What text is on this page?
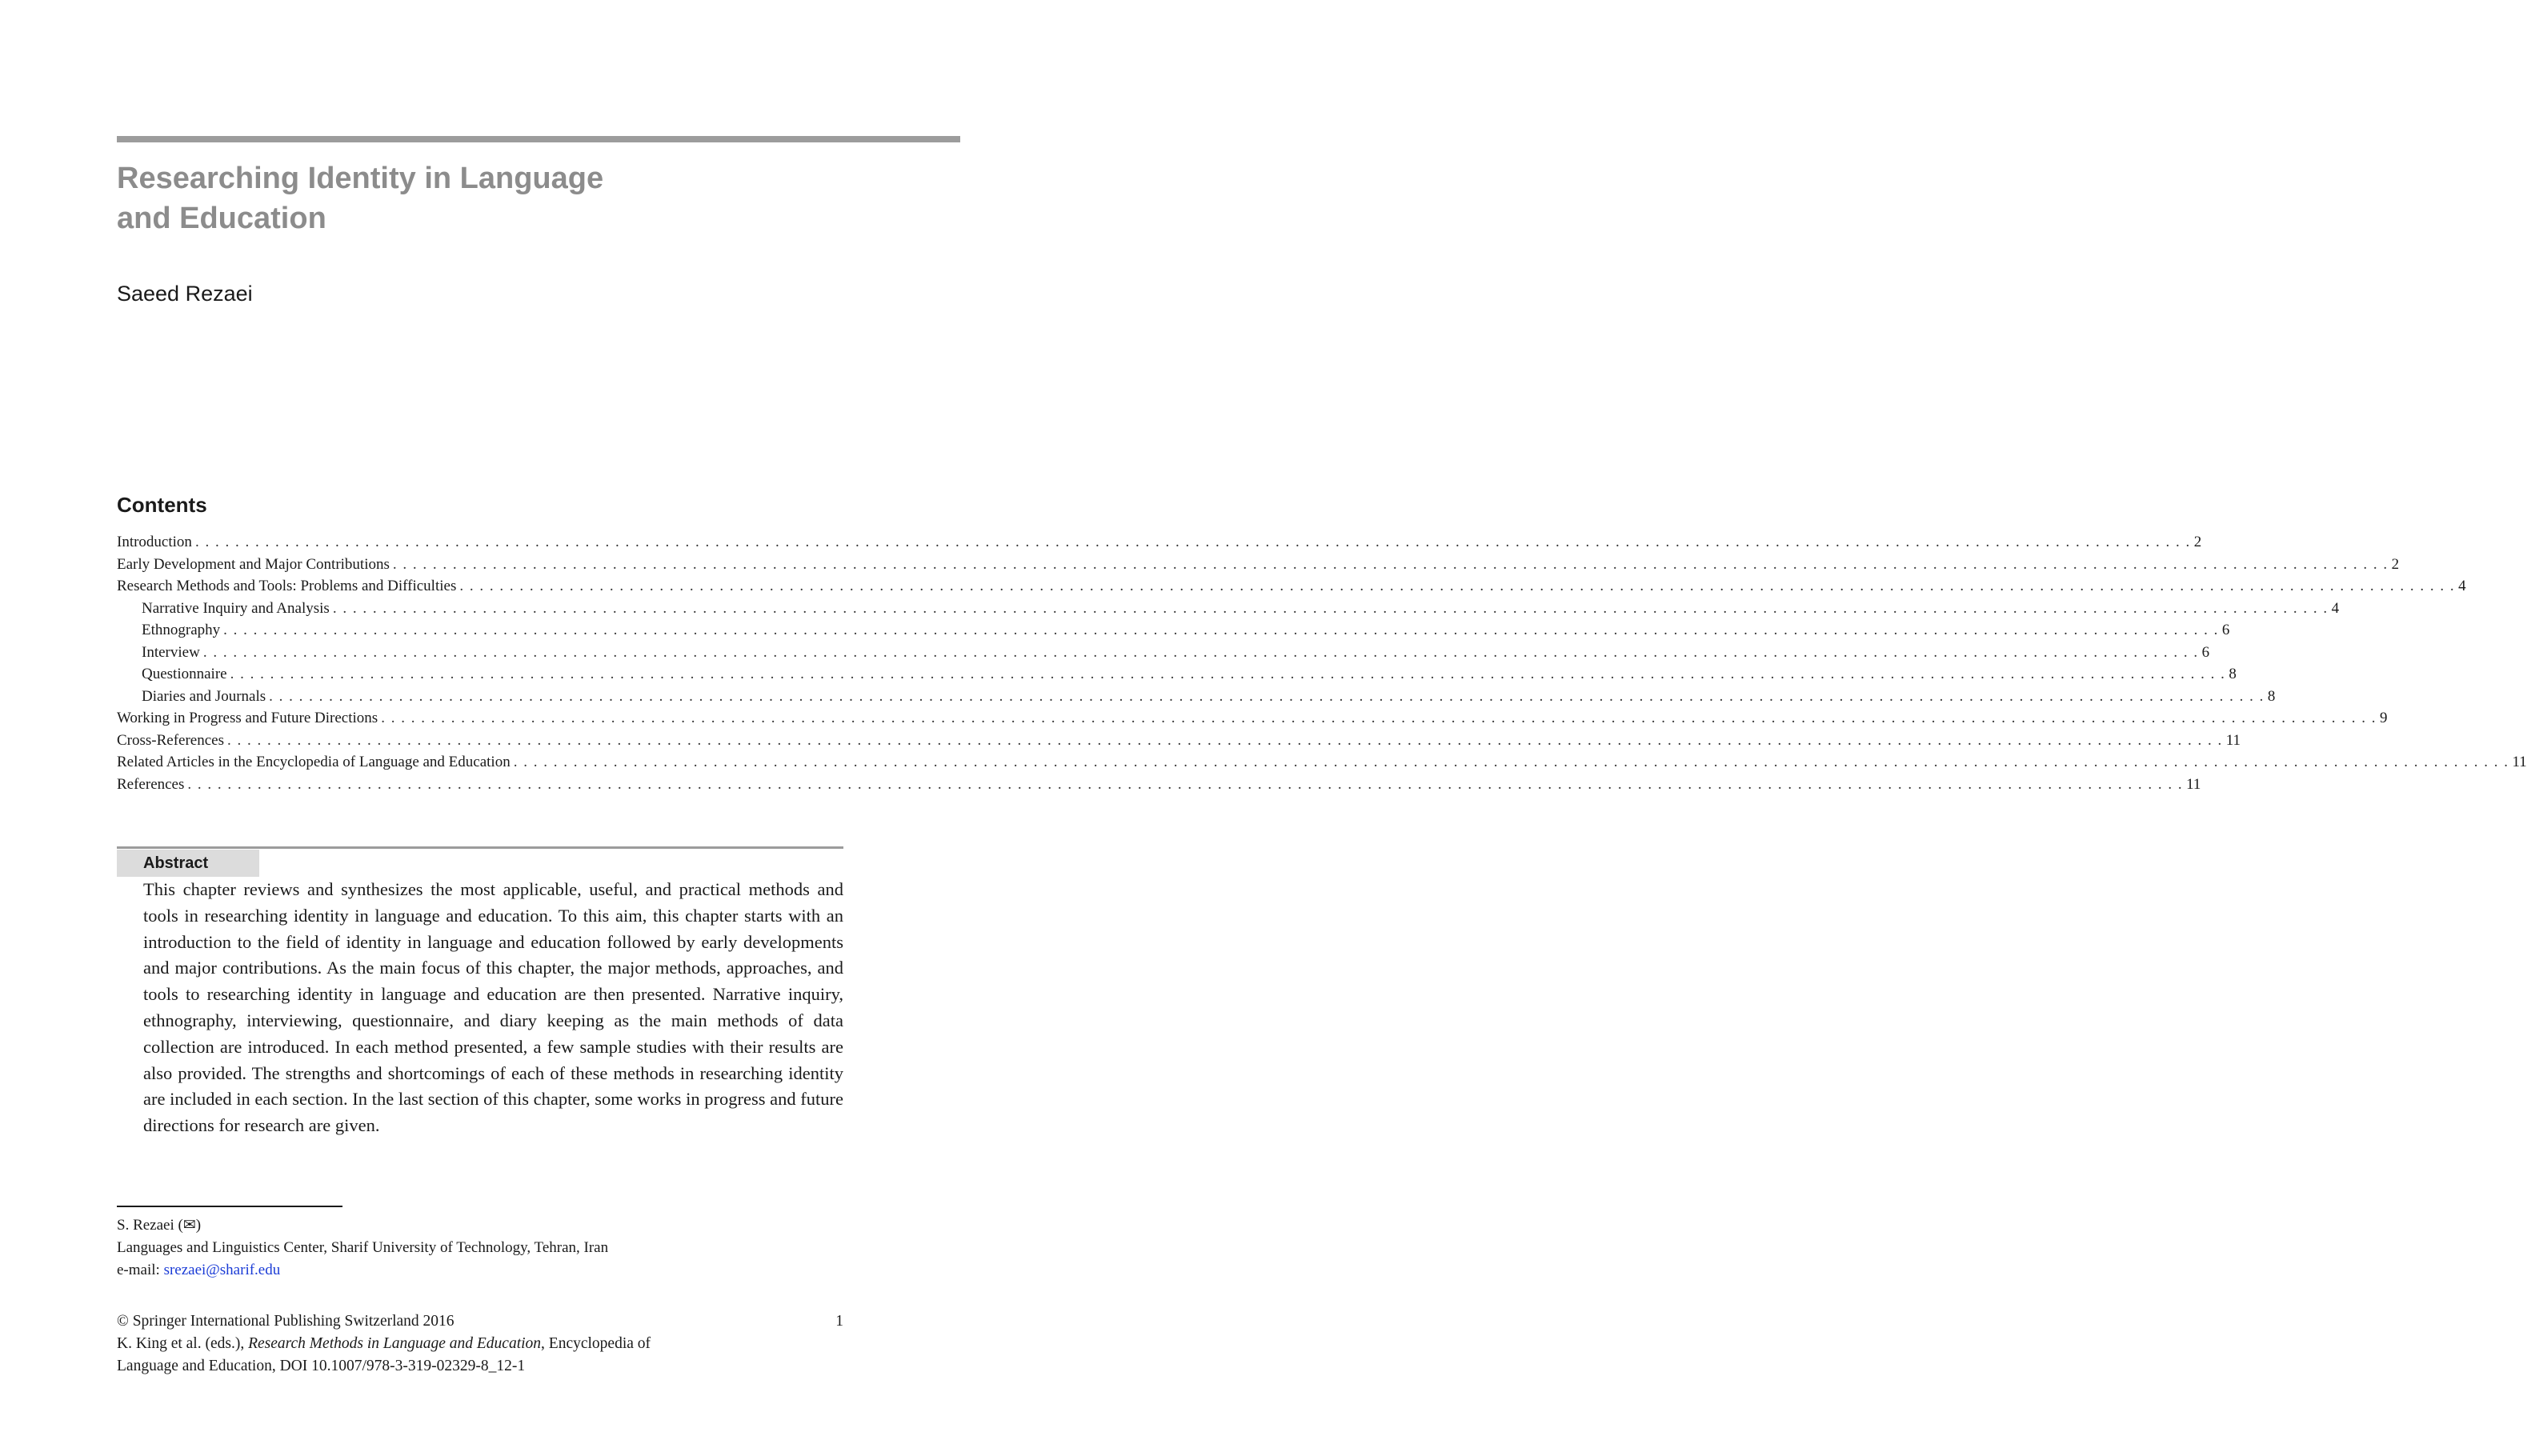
Researching Identity in Language
and Education

Saeed Rezaei

Contents
Introduction . . . . . . . . . . . . . . . . . . . . . . . . . . . . . . . . . . . . . . . . . . . . . . . . . . . . . . . . . . . . . . . . . . . . . . . . . . . . . . . . . . . . . . . . . . . . . . . . . . . . . . . . . . . . . . . . . . . . . . . . . . . . . . . . . . . . . . . . . . . . . . . . . . . . . . . . . . . . . . . . . . . . . . . . . . . . . . . . . . . . . . . . . . . . . . . . . . . . . . . . 2
Early Development and Major Contributions . . . . . . . . . . . . . . . . . . . . . . . . . . . . . . . . . . . . . . . . . . . . . . . . . . . . . . . . . . . . . . . . . . . . . . . . . . . . . . . . . . . . . . . . . . . . . . . . . . . . . . . . . . . . . . . . . . . . . . . . . . . . . . . . . . . . . . . . . . . . . . . . . . . . . . . . . . . . . . . . . . . . . . . . . . . . . . . . . . . . . . . . . . . . . . . . . . . . . . . . 2
Research Methods and Tools: Problems and Difficulties . . . . . . . . . . . . . . . . . . . . . . . . . . . . . . . . . . . . . . . . . . . . . . . . . . . . . . . . . . . . . . . . . . . . . . . . . . . . . . . . . . . . . . . . . . . . . . . . . . . . . . . . . . . . . . . . . . . . . . . . . . . . . . . . . . . . . . . . . . . . . . . . . . . . . . . . . . . . . . . . . . . . . . . . . . . . . . . . . . . . . . . . . . . . . . . . . . . . . . . . 4
Narrative Inquiry and Analysis . . . . . . . . . . . . . . . . . . . . . . . . . . . . . . . . . . . . . . . . . . . . . . . . . . . . . . . . . . . . . . . . . . . . . . . . . . . . . . . . . . . . . . . . . . . . . . . . . . . . . . . . . . . . . . . . . . . . . . . . . . . . . . . . . . . . . . . . . . . . . . . . . . . . . . . . . . . . . . . . . . . . . . . . . . . . . . . . . . . . . . . . . . . . . . . . . . . . . . . . 4
Ethnography . . . . . . . . . . . . . . . . . . . . . . . . . . . . . . . . . . . . . . . . . . . . . . . . . . . . . . . . . . . . . . . . . . . . . . . . . . . . . . . . . . . . . . . . . . . . . . . . . . . . . . . . . . . . . . . . . . . . . . . . . . . . . . . . . . . . . . . . . . . . . . . . . . . . . . . . . . . . . . . . . . . . . . . . . . . . . . . . . . . . . . . . . . . . . . . . . . . . . . . . 6
Interview . . . . . . . . . . . . . . . . . . . . . . . . . . . . . . . . . . . . . . . . . . . . . . . . . . . . . . . . . . . . . . . . . . . . . . . . . . . . . . . . . . . . . . . . . . . . . . . . . . . . . . . . . . . . . . . . . . . . . . . . . . . . . . . . . . . . . . . . . . . . . . . . . . . . . . . . . . . . . . . . . . . . . . . . . . . . . . . . . . . . . . . . . . . . . . . . . . . . . . . . 6
Questionnaire . . . . . . . . . . . . . . . . . . . . . . . . . . . . . . . . . . . . . . . . . . . . . . . . . . . . . . . . . . . . . . . . . . . . . . . . . . . . . . . . . . . . . . . . . . . . . . . . . . . . . . . . . . . . . . . . . . . . . . . . . . . . . . . . . . . . . . . . . . . . . . . . . . . . . . . . . . . . . . . . . . . . . . . . . . . . . . . . . . . . . . . . . . . . . . . . . . . . . . . . 8
Diaries and Journals . . . . . . . . . . . . . . . . . . . . . . . . . . . . . . . . . . . . . . . . . . . . . . . . . . . . . . . . . . . . . . . . . . . . . . . . . . . . . . . . . . . . . . . . . . . . . . . . . . . . . . . . . . . . . . . . . . . . . . . . . . . . . . . . . . . . . . . . . . . . . . . . . . . . . . . . . . . . . . . . . . . . . . . . . . . . . . . . . . . . . . . . . . . . . . . . . . . . . . . . 8
Working in Progress and Future Directions . . . . . . . . . . . . . . . . . . . . . . . . . . . . . . . . . . . . . . . . . . . . . . . . . . . . . . . . . . . . . . . . . . . . . . . . . . . . . . . . . . . . . . . . . . . . . . . . . . . . . . . . . . . . . . . . . . . . . . . . . . . . . . . . . . . . . . . . . . . . . . . . . . . . . . . . . . . . . . . . . . . . . . . . . . . . . . . . . . . . . . . . . . . . . . . . . . . . . . . . 9
Cross-References . . . . . . . . . . . . . . . . . . . . . . . . . . . . . . . . . . . . . . . . . . . . . . . . . . . . . . . . . . . . . . . . . . . . . . . . . . . . . . . . . . . . . . . . . . . . . . . . . . . . . . . . . . . . . . . . . . . . . . . . . . . . . . . . . . . . . . . . . . . . . . . . . . . . . . . . . . . . . . . . . . . . . . . . . . . . . . . . . . . . . . . . . . . . . . . . . . . . . . . . 11
Related Articles in the Encyclopedia of Language and Education . . . . . . . . . . . . . . . . . . . . . . . . . . . . . . . . . . . . . . . . . . . . . . . . . . . . . . . . . . . . . . . . . . . . . . . . . . . . . . . . . . . . . . . . . . . . . . . . . . . . . . . . . . . . . . . . . . . . . . . . . . . . . . . . . . . . . . . . . . . . . . . . . . . . . . . . . . . . . . . . . . . . . . . . . . . . . . . . . . . . . . . . . . . . . . . . . . . . . . . . 11
References . . . . . . . . . . . . . . . . . . . . . . . . . . . . . . . . . . . . . . . . . . . . . . . . . . . . . . . . . . . . . . . . . . . . . . . . . . . . . . . . . . . . . . . . . . . . . . . . . . . . . . . . . . . . . . . . . . . . . . . . . . . . . . . . . . . . . . . . . . . . . . . . . . . . . . . . . . . . . . . . . . . . . . . . . . . . . . . . . . . . . . . . . . . . . . . . . . . . . . . . 11
Abstract

This chapter reviews and synthesizes the most applicable, useful, and practical methods and tools in researching identity in language and education. To this aim, this chapter starts with an introduction to the field of identity in language and education followed by early developments and major contributions. As the main focus of this chapter, the major methods, approaches, and tools to researching identity in language and education are then presented. Narrative inquiry, ethnography, interviewing, questionnaire, and diary keeping as the main methods of data collection are introduced. In each method presented, a few sample studies with their results are also provided. The strengths and shortcomings of each of these methods in researching identity are included in each section. In the last section of this chapter, some works in progress and future directions for research are given.

S. Rezaei (✉)
Languages and Linguistics Center, Sharif University of Technology, Tehran, Iran
e-mail: srezaei@sharif.edu
© Springer International Publishing Switzerland 2016	1
K. King et al. (eds.), Research Methods in Language and Education, Encyclopedia of
Language and Education, DOI 10.1007/978-3-319-02329-8_12-1
